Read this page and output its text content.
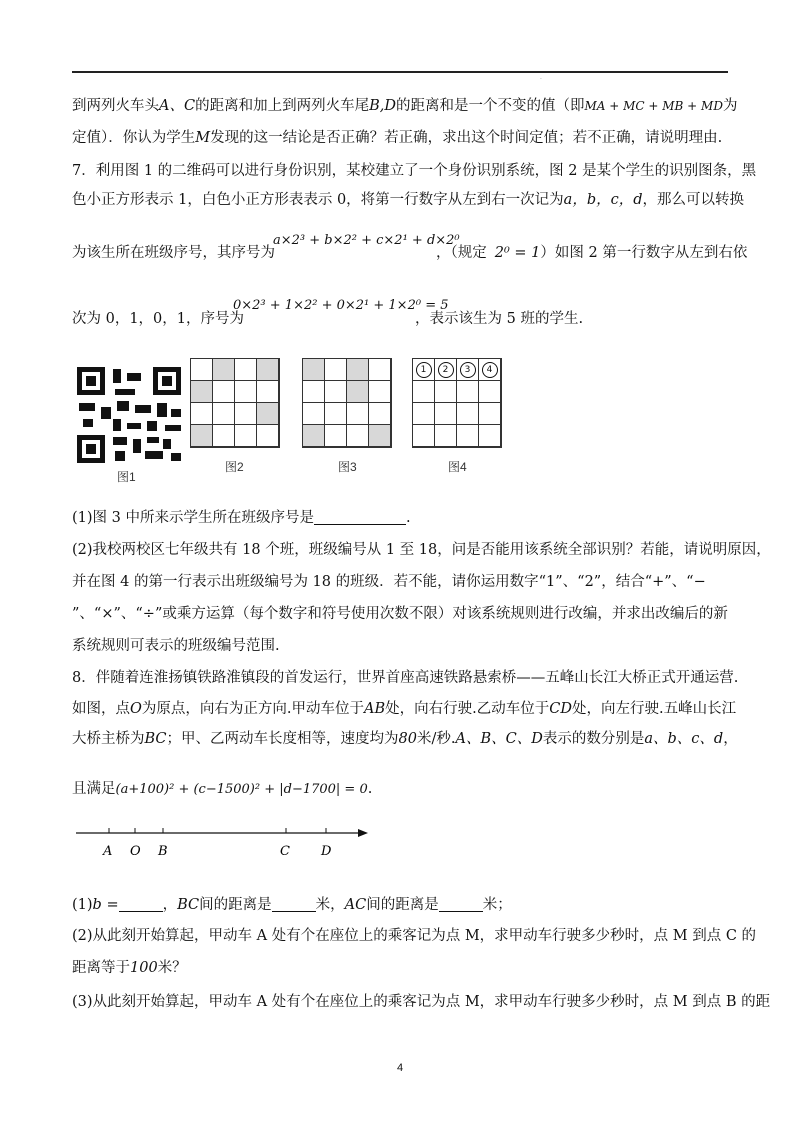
·
到两列火车头A、C的距离和加上到两列火车尾B,D的距离和是一个不变的值（即MA + MC + MB + MD为
定值）．你认为学生M发现的这一结论是否正确？若正确，求出这个时间定值；若不正确，请说明理由.
7．利用图 1 的二维码可以进行身份识别，某校建立了一个身份识别系统，图 2 是某个学生的识别图条，黑
色小正方形表示 1，白色小正方形表表示 0，将第一行数字从左到右一次记为a，b，c，d，那么可以转换
为该生所在班级序号，其序号为
a×2³ + b×2² + c×2¹ + d×2⁰
，（规定 2⁰ = 1）如图 2 第一行数字从左到右依
次为 0，1，0，1，序号为
0×2³ + 1×2² + 0×2¹ + 1×2⁰ = 5
，表示该生为 5 班的学生.
图1
图2	图3
1	2	3	4
图4
(1)图 3 中所来示学生所在班级序号是	.
(2)我校两校区七年级共有 18 个班，班级编号从 1 至 18，问是否能用该系统全部识别？若能，请说明原因，
并在图 4 的第一行表示出班级编号为 18 的班级．若不能，请你运用数字“1”、“2”，结合“+”、“−
”、“×”、“÷”或乘方运算（每个数字和符号使用次数不限）对该系统规则进行改编，并求出改编后的新
系统规则可表示的班级编号范围.
8．伴随着连淮扬镇铁路淮镇段的首发运行，世界首座高速铁路悬索桥——五峰山长江大桥正式开通运营.
如图，点O为原点，向右为正方向.甲动车位于AB处，向右行驶.乙动车位于CD处，向左行驶.五峰山长江
大桥主桥为BC；甲、乙两动车长度相等，速度均为80米/秒.A、B、C、D表示的数分别是a、b、c、d，
且满足(a+100)² + (c−1500)² + |d−1700| = 0.
A O B	C D
(1)b =	，BC间的距离是	米，AC间的距离是	米；
(2)从此刻开始算起，甲动车 A 处有个在座位上的乘客记为点 M，求甲动车行驶多少秒时，点 M 到点 C 的
距离等于100米？
(3)从此刻开始算起，甲动车 A 处有个在座位上的乘客记为点 M，求甲动车行驶多少秒时，点 M 到点 B 的距
4
